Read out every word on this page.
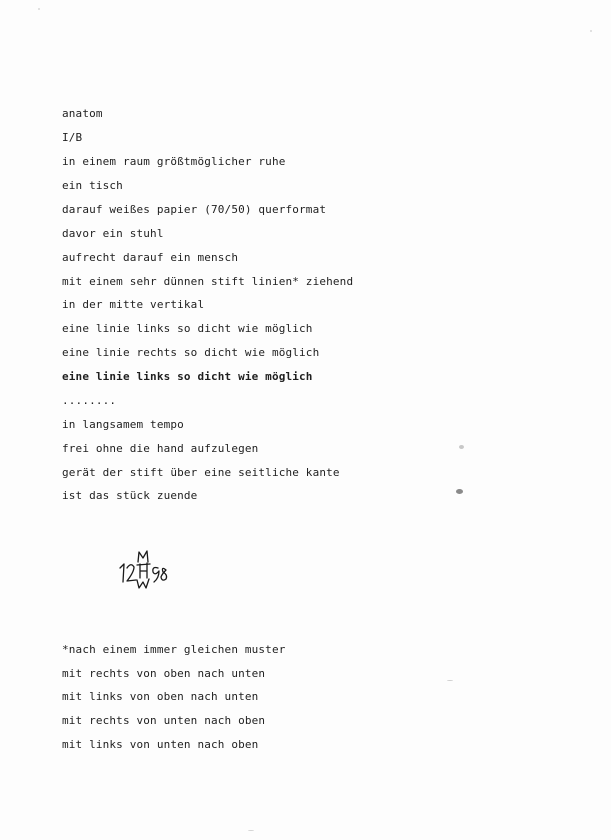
anatom
I/B
in einem raum größtmöglicher ruhe
ein tisch
darauf weißes papier (70/50) querformat
davor ein stuhl
aufrecht darauf ein mensch
mit einem sehr dünnen stift linien* ziehend
in der mitte vertikal
eine linie links so dicht wie möglich
eine linie rechts so dicht wie möglich
eine linie links so dicht wie möglich
........
in langsamem tempo
frei ohne die hand aufzulegen
gerät der stift über eine seitliche kante
ist das stück zuende
*nach einem immer gleichen muster
mit rechts von oben nach unten
mit links von oben nach unten
mit rechts von unten nach oben
mit links von unten nach oben
